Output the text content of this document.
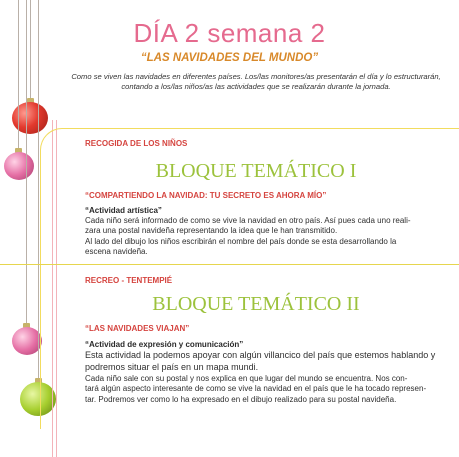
DÍA 2 semana 2
“LAS NAVIDADES DEL MUNDO”
Como se viven las navidades en diferentes países. Los/las monitores/as presentarán el día y lo estructurarán, contando a los/las niños/as las actividades que se realizarán durante la jornada.
RECOGIDA DE LOS NIÑOS
BLOQUE TEMÁTICO I
“COMPARTIENDO LA NAVIDAD: TU SECRETO ES AHORA MÍO”
“Actividad artística”

Cada niño será informado de como se vive la navidad en otro país. Así pues cada uno reali-

zara una postal navideña representando la idea que le han transmitido.

Al lado del dibujo los niños escribirán el nombre del país donde se esta desarrollando la

escena navideña.

RECREO - TENTEMPIÉ
BLOQUE TEMÁTICO II
“LAS NAVIDADES VIAJAN”
“Actividad de expresión y comunicación”

Esta actividad la podemos apoyar con algún villancico del país que estemos hablando y

podremos situar el país en un mapa mundi.

Cada niño sale con su postal y nos explica en que lugar del mundo se encuentra. Nos con-

tará algún aspecto interesante de como se vive la navidad en el país que le ha tocado represen-

tar. Podremos ver como lo ha expresado en el dibujo realizado para su postal navideña.
